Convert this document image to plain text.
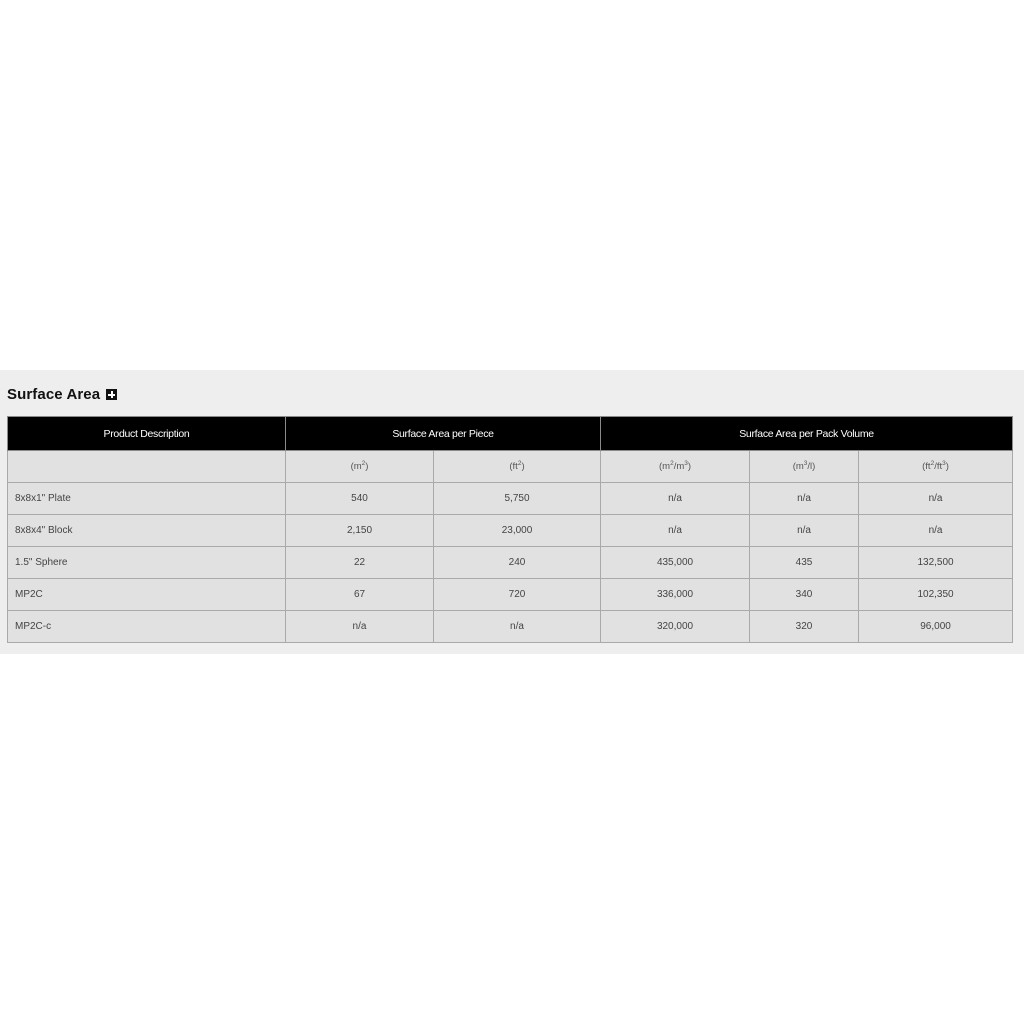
Surface Area
Product Description	Surface Area per Piece		Surface Area per Pack Volume		
	$(m^2)$	$(ft^2)$	$(m^2/m^3)$	$(m^3/l)$	$(ft^2/ft^3)$
8x8x1" Plate	540	5,750	n/a	n/a	n/a
8x8x4" Block	2,150	23,000	n/a	n/a	n/a
1.5" Sphere	22	240	435,000	435	132,500
MP2C	67	720	336,000	340	102,350
MP2C-c	n/a	n/a	320,000	320	96,000
